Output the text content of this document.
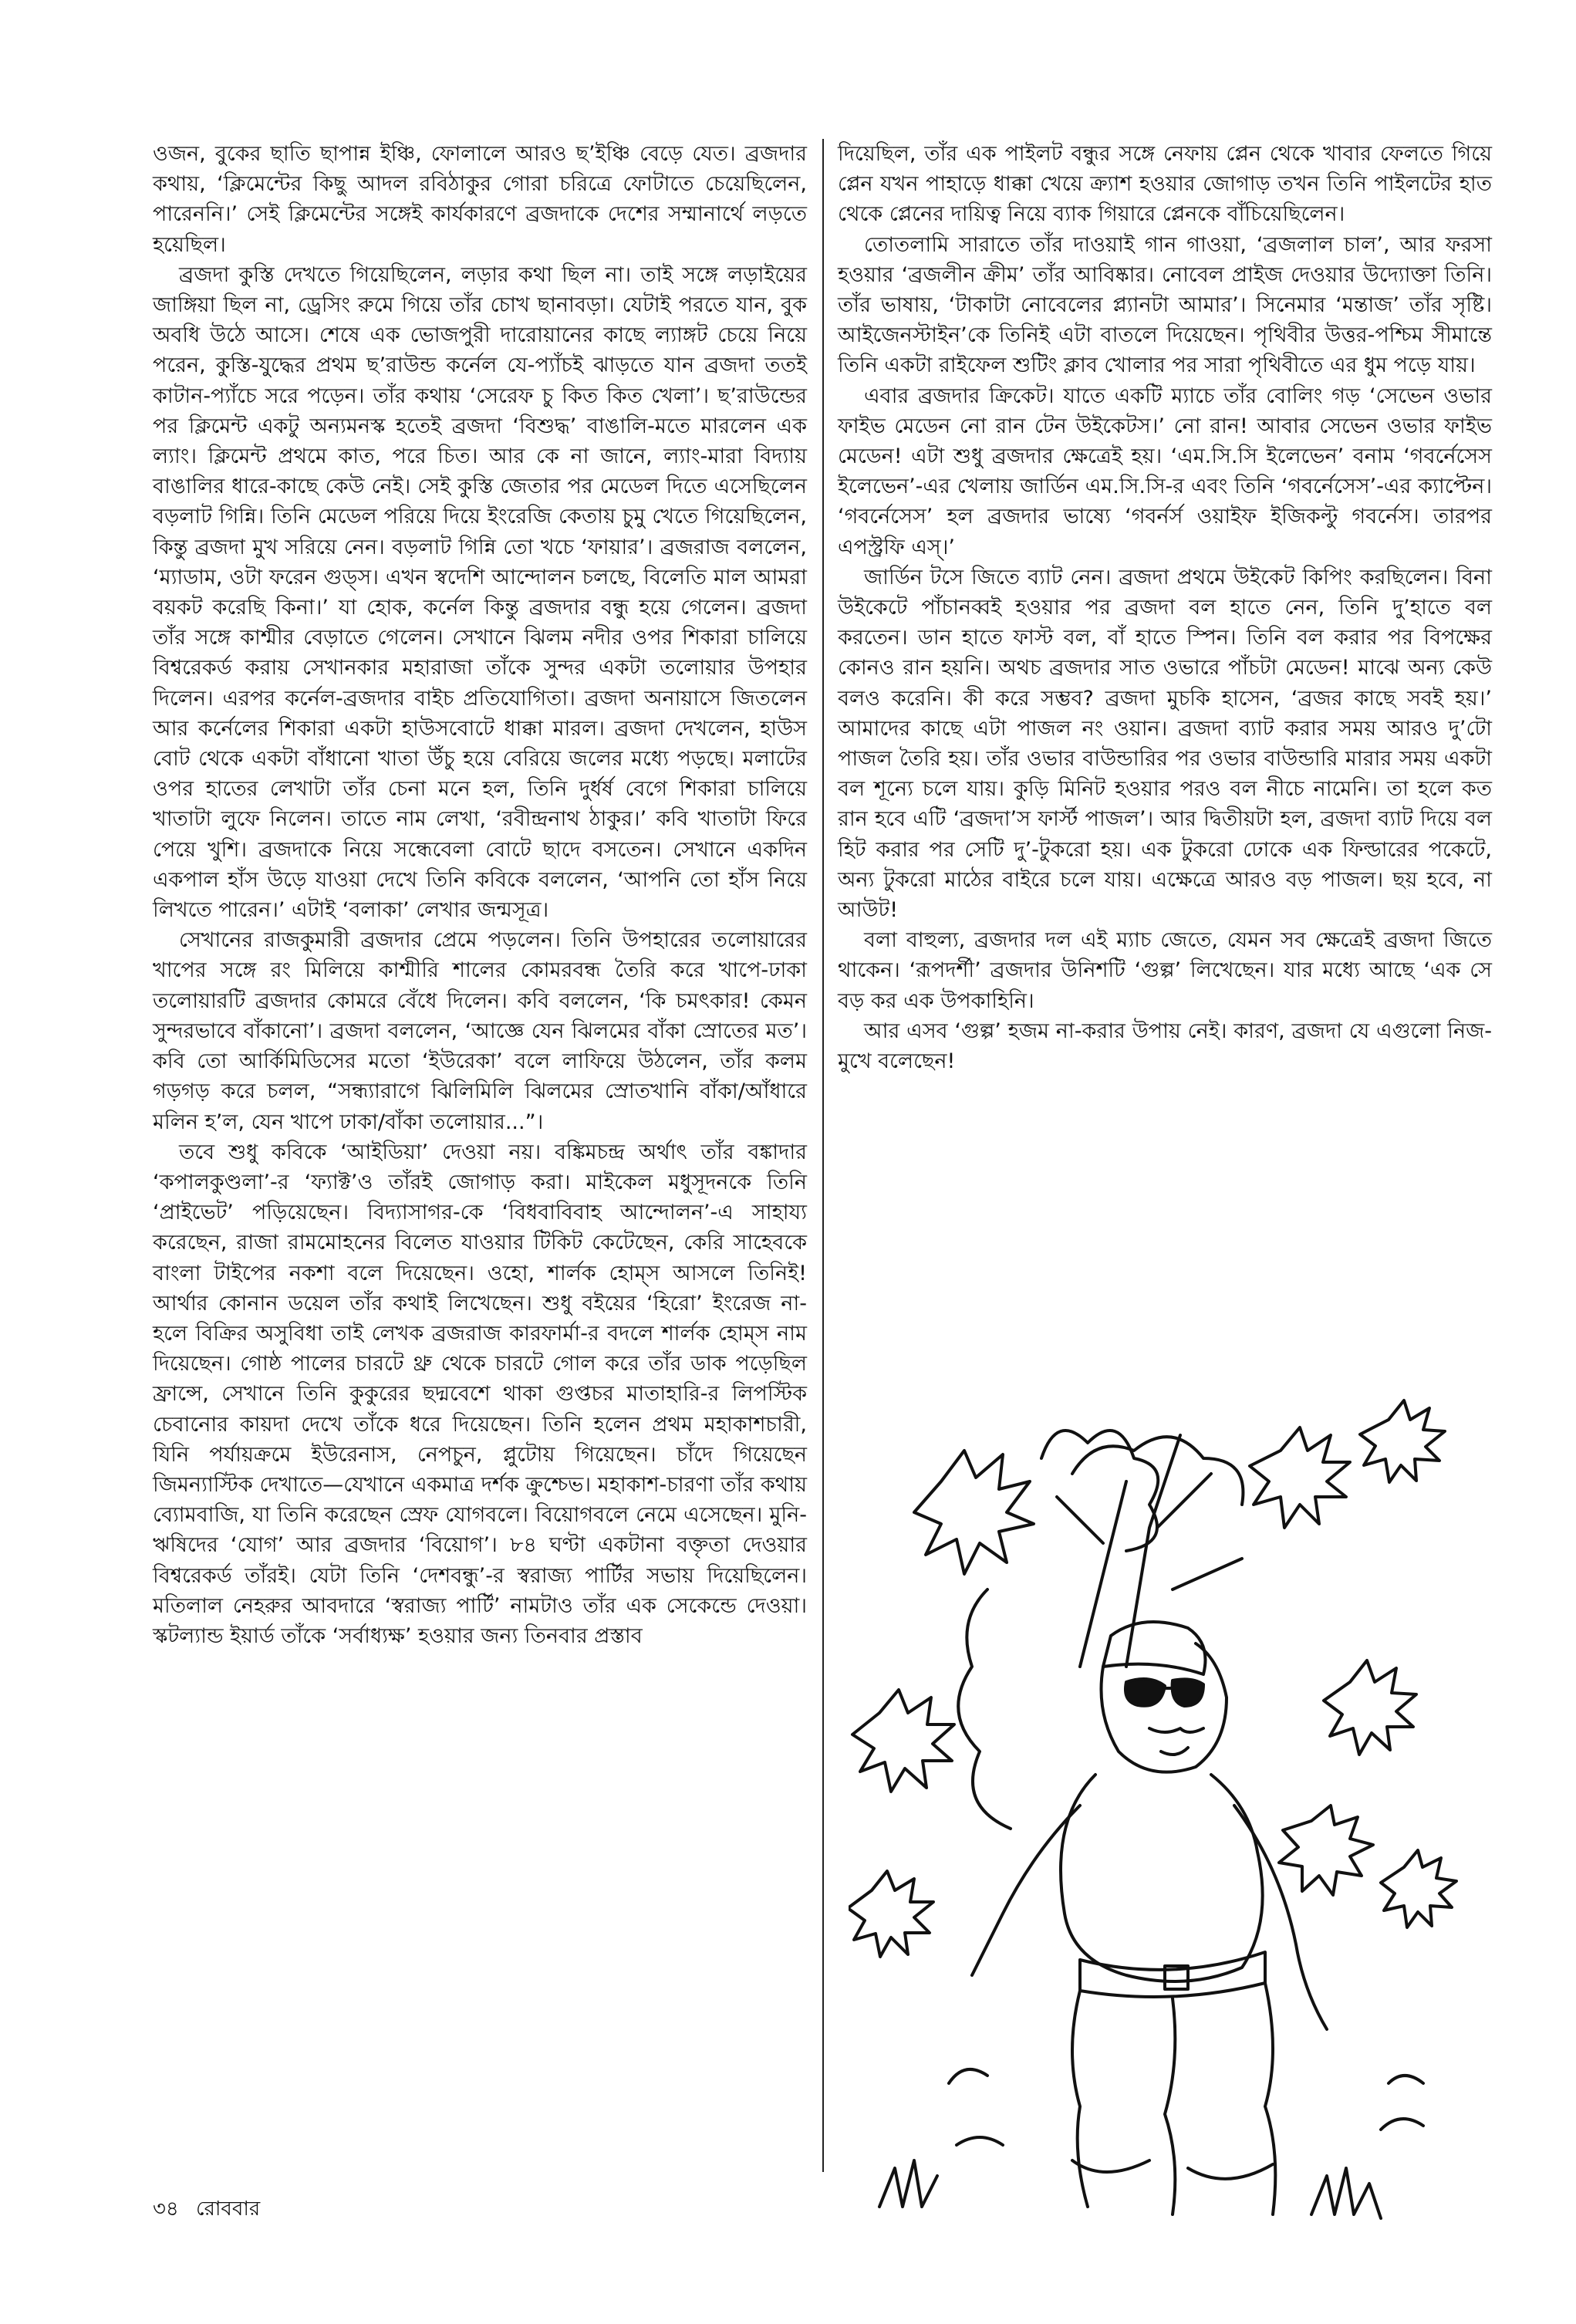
ওজন, বুকের ছাতি ছাপান্ন ইঞ্চি, ফোলালে আরও ছ’ইঞ্চি বেড়ে যেত। ব্রজদার কথায়, ‘ক্লিমেন্টের কিছু আদল রবিঠাকুর গোরা চরিত্রে ফোটাতে চেয়েছিলেন, পারেননি।’ সেই ক্লিমেন্টের সঙ্গেই কার্যকারণে ব্রজদাকে দেশের সম্মানার্থে লড়তে হয়েছিল।

ব্রজদা কুস্তি দেখতে গিয়েছিলেন, লড়ার কথা ছিল না। তাই সঙ্গে লড়াইয়ের জাঙ্গিয়া ছিল না, ড্রেসিং রুমে গিয়ে তাঁর চোখ ছানাবড়া। যেটাই পরতে যান, বুক অবধি উঠে আসে। শেষে এক ভোজপুরী দারোয়ানের কাছে ল্যাঙ্গট চেয়ে নিয়ে পরেন, কুস্তি-যুদ্ধের প্রথম ছ’রাউন্ড কর্নেল যে-প্যাঁচই ঝাড়তে যান ব্রজদা ততই কাটান-প্যাঁচে সরে পড়েন। তাঁর কথায় ‘সেরেফ চু কিত কিত খেলা’। ছ’রাউন্ডের পর ক্লিমেন্ট একটু অন্যমনস্ক হতেই ব্রজদা ‘বিশুদ্ধ’ বাঙালি-মতে মারলেন এক ল্যাং। ক্লিমেন্ট প্রথমে কাত, পরে চিত। আর কে না জানে, ল্যাং-মারা বিদ্যায় বাঙালির ধারে-কাছে কেউ নেই। সেই কুস্তি জেতার পর মেডেল দিতে এসেছিলেন বড়লাট গিন্নি। তিনি মেডেল পরিয়ে দিয়ে ইংরেজি কেতায় চুমু খেতে গিয়েছিলেন, কিন্তু ব্রজদা মুখ সরিয়ে নেন। বড়লাট গিন্নি তো খচে ‘ফায়ার’। ব্রজরাজ বললেন, ‘ম্যাডাম, ওটা ফরেন গুড্‌স। এখন স্বদেশি আন্দোলন চলছে, বিলেতি মাল আমরা বয়কট করেছি কিনা।’ যা হোক, কর্নেল কিন্তু ব্রজদার বন্ধু হয়ে গেলেন। ব্রজদা তাঁর সঙ্গে কাশ্মীর বেড়াতে গেলেন। সেখানে ঝিলম নদীর ওপর শিকারা চালিয়ে বিশ্বরেকর্ড করায় সেখানকার মহারাজা তাঁকে সুন্দর একটা তলোয়ার উপহার দিলেন। এরপর কর্নেল-ব্রজদার বাইচ প্রতিযোগিতা। ব্রজদা অনায়াসে জিতলেন আর কর্নেলের শিকারা একটা হাউসবোটে ধাক্কা মারল। ব্রজদা দেখলেন, হাউস বোট থেকে একটা বাঁধানো খাতা উঁচু হয়ে বেরিয়ে জলের মধ্যে পড়ছে। মলাটের ওপর হাতের লেখাটা তাঁর চেনা মনে হল, তিনি দুর্ধর্ষ বেগে শিকারা চালিয়ে খাতাটা লুফে নিলেন। তাতে নাম লেখা, ‘রবীন্দ্রনাথ ঠাকুর।’ কবি খাতাটা ফিরে পেয়ে খুশি। ব্রজদাকে নিয়ে সন্ধেবেলা বোটে ছাদে বসতেন। সেখানে একদিন একপাল হাঁস উড়ে যাওয়া দেখে তিনি কবিকে বললেন, ‘আপনি তো হাঁস নিয়ে লিখতে পারেন।’ এটাই ‘বলাকা’ লেখার জন্মসূত্র।

সেখানের রাজকুমারী ব্রজদার প্রেমে পড়লেন। তিনি উপহারের তলোয়ারের খাপের সঙ্গে রং মিলিয়ে কাশ্মীরি শালের কোমরবন্ধ তৈরি করে খাপে-ঢাকা তলোয়ারটি ব্রজদার কোমরে বেঁধে দিলেন। কবি বললেন, ‘কি চমৎকার! কেমন সুন্দরভাবে বাঁকানো’। ব্রজদা বললেন, ‘আজ্ঞে যেন ঝিলমের বাঁকা স্রোতের মত’। কবি তো আর্কিমিডিসের মতো ‘ইউরেকা’ বলে লাফিয়ে উঠলেন, তাঁর কলম গড়গড় করে চলল, “সন্ধ্যারাগে ঝিলিমিলি ঝিলমের স্রোতখানি বাঁকা/আঁধারে মলিন হ’ল, যেন খাপে ঢাকা/বাঁকা তলোয়ার...”।

তবে শুধু কবিকে ‘আইডিয়া’ দেওয়া নয়। বঙ্কিমচন্দ্র অর্থাৎ তাঁর বঙ্কাদার ‘কপালকুণ্ডলা’-র ‘ফ্যাক্ট’ও তাঁরই জোগাড় করা। মাইকেল মধুসূদনকে তিনি ‘প্রাইভেট’ পড়িয়েছেন। বিদ্যাসাগর-কে ‘বিধবাবিবাহ আন্দোলন’-এ সাহায্য করেছেন, রাজা রামমোহনের বিলেত যাওয়ার টিকিট কেটেছেন, কেরি সাহেবকে বাংলা টাইপের নকশা বলে দিয়েছেন। ওহো, শার্লক হোম্‌স আসলে তিনিই! আর্থার কোনান ডয়েল তাঁর কথাই লিখেছেন। শুধু বইয়ের ‘হিরো’ ইংরেজ না-হলে বিক্রির অসুবিধা তাই লেখক ব্রজরাজ কারফার্মা-র বদলে শার্লক হোম্‌স নাম দিয়েছেন। গোষ্ঠ পালের চারটে থ্রু থেকে চারটে গোল করে তাঁর ডাক পড়েছিল ফ্রান্সে, সেখানে তিনি কুকুরের ছদ্মবেশে থাকা গুপ্তচর মাতাহারি-র লিপস্টিক চেবানোর কায়দা দেখে তাঁকে ধরে দিয়েছেন। তিনি হলেন প্রথম মহাকাশচারী, যিনি পর্যায়ক্রমে ইউরেনাস, নেপচুন, প্লুটোয় গিয়েছেন। চাঁদে গিয়েছেন জিমন্যাস্টিক দেখাতে—যেখানে একমাত্র দর্শক ক্রুশ্চেভ। মহাকাশ-চারণা তাঁর কথায় ব্যোমবাজি, যা তিনি করেছেন স্রেফ যোগবলে। বিয়োগবলে নেমে এসেছেন। মুনি-ঋষিদের ‘যোগ’ আর ব্রজদার ‘বিয়োগ’। ৮৪ ঘণ্টা একটানা বক্তৃতা দেওয়ার বিশ্বরেকর্ড তাঁরই। যেটা তিনি ‘দেশবন্ধু’-র স্বরাজ্য পার্টির সভায় দিয়েছিলেন। মতিলাল নেহরুর আবদারে ‘স্বরাজ্য পার্টি’ নামটাও তাঁর এক সেকেন্ডে দেওয়া। স্কটল্যান্ড ইয়ার্ড তাঁকে ‘সর্বাধ্যক্ষ’ হওয়ার জন্য তিনবার প্রস্তাব

দিয়েছিল, তাঁর এক পাইলট বন্ধুর সঙ্গে নেফায় প্লেন থেকে খাবার ফেলতে গিয়ে প্লেন যখন পাহাড়ে ধাক্কা খেয়ে ক্র্যাশ হওয়ার জোগাড় তখন তিনি পাইলটের হাত থেকে প্লেনের দায়িত্ব নিয়ে ব্যাক গিয়ারে প্লেনকে বাঁচিয়েছিলেন।

তোতলামি সারাতে তাঁর দাওয়াই গান গাওয়া, ‘ব্রজলাল চাল’, আর ফরসা হওয়ার ‘ব্রজলীন ক্রীম’ তাঁর আবিষ্কার। নোবেল প্রাইজ দেওয়ার উদ্যোক্তা তিনি। তাঁর ভাষায়, ‘টাকাটা নোবেলের প্ল্যানটা আমার’। সিনেমার ‘মন্তাজ’ তাঁর সৃষ্টি। আইজেনস্টাইন’কে তিনিই এটা বাতলে দিয়েছেন। পৃথিবীর উত্তর-পশ্চিম সীমান্তে তিনি একটা রাইফেল শুটিং ক্লাব খোলার পর সারা পৃথিবীতে এর ধুম পড়ে যায়।

এবার ব্রজদার ক্রিকেট। যাতে একটি ম্যাচে তাঁর বোলিং গড় ‘সেভেন ওভার ফাইভ মেডেন নো রান টেন উইকেটস।’ নো রান! আবার সেভেন ওভার ফাইভ মেডেন! এটা শুধু ব্রজদার ক্ষেত্রেই হয়। ‘এম.সি.সি ইলেভেন’ বনাম ‘গবর্নেসেস ইলেভেন’-এর খেলায় জার্ডিন এম.সি.সি-র এবং তিনি ‘গবর্নেসেস’-এর ক্যাপ্টেন। ‘গবর্নেসেস’ হল ব্রজদার ভাষ্যে ‘গবর্নর্স ওয়াইফ ইজিকল্টু গবর্নেস। তারপর এপস্ট্রফি এস্‌।’

জার্ডিন টসে জিতে ব্যাট নেন। ব্রজদা প্রথমে উইকেট কিপিং করছিলেন। বিনা উইকেটে পাঁচানব্বই হওয়ার পর ব্রজদা বল হাতে নেন, তিনি দু’হাতে বল করতেন। ডান হাতে ফাস্ট বল, বাঁ হাতে স্পিন। তিনি বল করার পর বিপক্ষের কোনও রান হয়নি। অথচ ব্রজদার সাত ওভারে পাঁচটা মেডেন! মাঝে অন্য কেউ বলও করেনি। কী করে সম্ভব? ব্রজদা মুচকি হাসেন, ‘ব্রজর কাছে সবই হয়।’ আমাদের কাছে এটা পাজল নং ওয়ান। ব্রজদা ব্যাট করার সময় আরও দু’টো পাজল তৈরি হয়। তাঁর ওভার বাউন্ডারির পর ওভার বাউন্ডারি মারার সময় একটা বল শূন্যে চলে যায়। কুড়ি মিনিট হওয়ার পরও বল নীচে নামেনি। তা হলে কত রান হবে এটি ‘ব্রজদা’স ফার্স্ট পাজল’। আর দ্বিতীয়টা হল, ব্রজদা ব্যাট দিয়ে বল হিট করার পর সেটি দু’-টুকরো হয়। এক টুকরো ঢোকে এক ফিল্ডারের পকেটে, অন্য টুকরো মাঠের বাইরে চলে যায়। এক্ষেত্রে আরও বড় পাজল। ছয় হবে, না আউট!

বলা বাহুল্য, ব্রজদার দল এই ম্যাচ জেতে, যেমন সব ক্ষেত্রেই ব্রজদা জিতে থাকেন। ‘রূপদর্শী’ ব্রজদার উনিশটি ‘গুল্প’ লিখেছেন। যার মধ্যে আছে ‘এক সে বড় কর এক উপকাহিনি।

আর এসব ‘গুল্প’ হজম না-করার উপায় নেই। কারণ, ব্রজদা যে এগুলো নিজ-মুখে বলেছেন!

৩৪ রোববার
